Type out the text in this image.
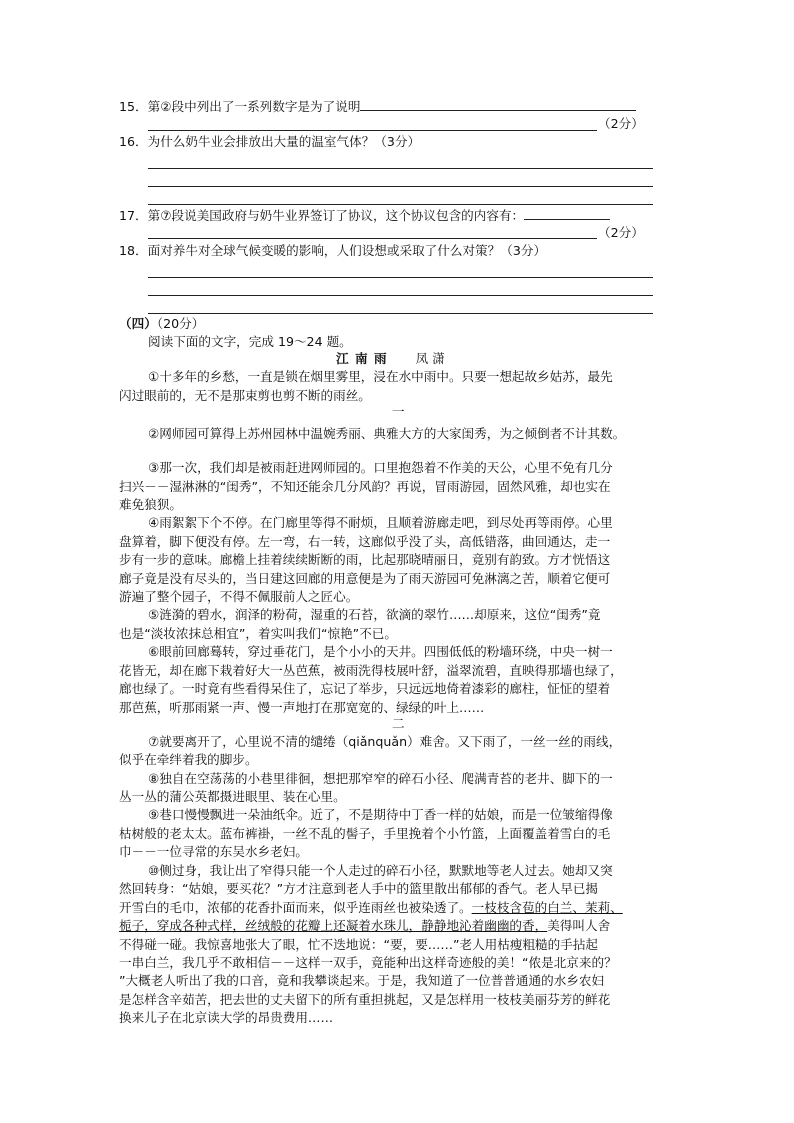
15．第②段中列出了一系列数字是为了说明
（2分）
16．为什么奶牛业会排放出大量的温室气体？（3分）
17．第⑦段说美国政府与奶牛业界签订了协议，这个协议包含的内容有：
（2分）
18．面对养牛对全球气候变暖的影响，人们设想或采取了什么对策？（3分）
（四）（20分）
阅读下面的文字，完成 19～24 题。
江 南 雨 凤 潇
①十多年的乡愁，一直是锁在烟里雾里，浸在水中雨中。只要一想起故乡姑苏，最先
闪过眼前的，无不是那束剪也剪不断的雨丝。
一
②网师园可算得上苏州园林中温婉秀丽、典雅大方的大家闺秀，为之倾倒者不计其数。
③那一次，我们却是被雨赶进网师园的。口里抱怨着不作美的天公，心里不免有几分
扫兴－－湿淋淋的“闺秀”，不知还能余几分风韵？再说，冒雨游园，固然风雅，却也实在
难免狼狈。
④雨絮絮下个不停。在门廊里等得不耐烦，且顺着游廊走吧，到尽处再等雨停。心里
盘算着，脚下便没有停。左一弯，右一转，这廊似乎没了头，高低错落，曲回通达，走一
步有一步的意味。廊檐上挂着续续断断的雨，比起那晓晴丽日，竟别有韵致。方才恍悟这
廊子竟是没有尽头的，当日建这回廊的用意便是为了雨天游园可免淋漓之苦，顺着它便可
游遍了整个园子，不得不佩服前人之匠心。
⑤涟漪的碧水，润泽的粉荷，湿重的石苔，欲滴的翠竹……却原来，这位“闺秀”竟
也是“淡妆浓抹总相宜”，着实叫我们“惊艳”不已。
⑥眼前回廊蓦转，穿过垂花门，是个小小的天井。四围低低的粉墙环绕，中央一树一
花皆无，却在廊下栽着好大一丛芭蕉，被雨洗得枝展叶舒，溢翠流碧，直映得那墙也绿了，
廊也绿了。一时竟有些看得呆住了，忘记了举步，只远远地倚着漆彩的廊柱，怔怔的望着
那芭蕉，听那雨紧一声、慢一声地打在那宽宽的、绿绿的叶上……
二
⑦就要离开了，心里说不清的缱绻（qiǎnquǎn）难舍。又下雨了，一丝一丝的雨线，
似乎在牵绊着我的脚步。
⑧独自在空荡荡的小巷里徘徊，想把那窄窄的碎石小径、爬满青苔的老井、脚下的一
丛一丛的蒲公英都摄进眼里、装在心里。
⑨巷口慢慢飘进一朵油纸伞。近了，不是期待中丁香一样的姑娘，而是一位皱缩得像
枯树般的老太太。蓝布裤褂，一丝不乱的髻子，手里挽着个小竹篮，上面覆盖着雪白的毛
巾－－一位寻常的东吴水乡老妇。
⑩侧过身，我让出了窄得只能一个人走过的碎石小径，默默地等老人过去。她却又突
然回转身：“姑娘，要买花？”方才注意到老人手中的篮里散出郁郁的香气。老人早已揭
开雪白的毛巾，浓郁的花香扑面而来，似乎连雨丝也被染透了。一枝枝含苞的白兰、茉莉、
栀子，穿成各种式样，丝绒般的花瓣上还凝着水珠儿，静静地沁着幽幽的香，美得叫人舍
不得碰一碰。我惊喜地张大了眼，忙不迭地说：“要，要……”老人用枯瘦粗糙的手拈起
一串白兰，我几乎不敢相信－－这样一双手，竟能种出这样奇迹般的美！“侬是北京来的？
”大概老人听出了我的口音，竟和我攀谈起来。于是，我知道了一位普普通通的水乡农妇
是怎样含辛茹苦，把去世的丈夫留下的所有重担挑起，又是怎样用一枝枝美丽芬芳的鲜花
换来儿子在北京读大学的昂贵费用……
